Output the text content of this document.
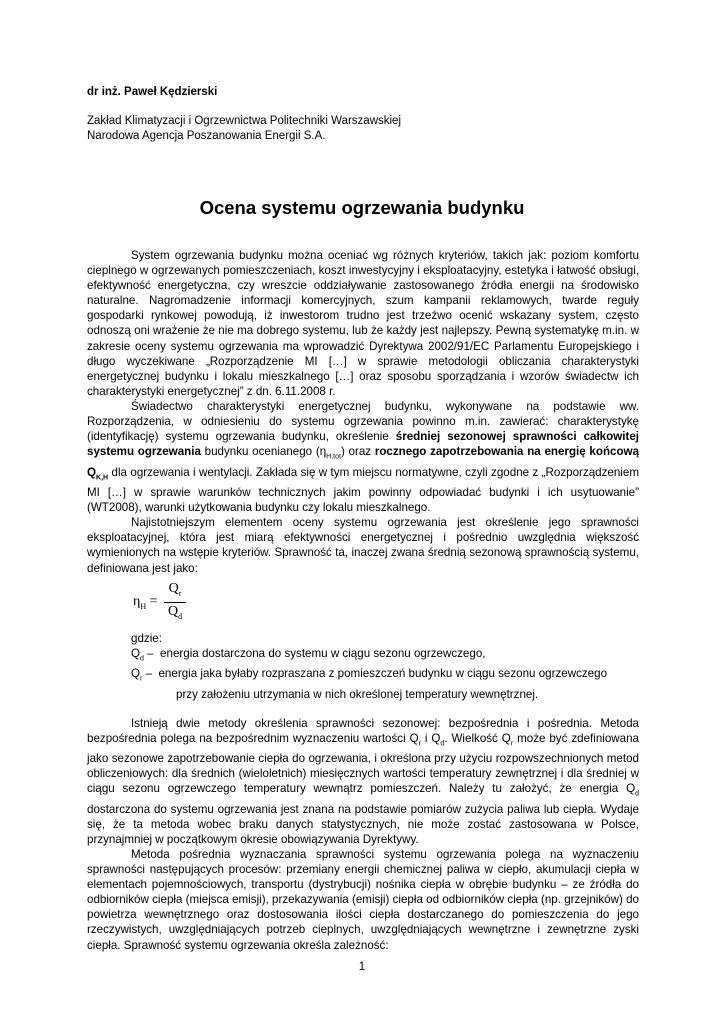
dr inż. Paweł Kędzierski
Zakład Klimatyzacji i Ogrzewnictwa Politechniki Warszawskiej
Narodowa Agencja Poszanowania Energii S.A.
Ocena systemu ogrzewania budynku

System ogrzewania budynku można oceniać wg różnych kryteriów, takich jak: poziom komfortu cieplnego w ogrzewanych pomieszczeniach, koszt inwestycyjny i eksploatacyjny, estetyka i łatwość obsługi, efektywność energetyczna, czy wreszcie oddziaływanie zastosowanego źródła energii na środowisko naturalne. Nagromadzenie informacji komercyjnych, szum kampanii reklamowych, twarde reguły gospodarki rynkowej powodują, iż inwestorom trudno jest trzeźwo ocenić wskazany system, często odnoszą oni wrażenie że nie ma dobrego systemu, lub że każdy jest najlepszy. Pewną systematykę m.in. w zakresie oceny systemu ogrzewania ma wprowadzić Dyrektywa 2002/91/EC Parlamentu Europejskiego i długo wyczekiwane „Rozporządzenie MI […] w sprawie metodologii obliczania charakterystyki energetycznej budynku i lokalu mieszkalnego […] oraz sposobu sporządzania i wzorów świadectw ich charakterystyki energetycznej” z dn. 6.11.2008 r.

Świadectwo charakterystyki energetycznej budynku, wykonywane na podstawie ww. Rozporządzenia, w odniesieniu do systemu ogrzewania powinno m.in. zawierać: charakterystykę (identyfikację) systemu ogrzewania budynku, określenie średniej sezonowej sprawności całkowitej systemu ogrzewania budynku ocenianego $(\eta_{H,tot})$ oraz rocznego zapotrzebowania na energię końcową $Q_{K,H}$ dla ogrzewania i wentylacji. Zakłada się w tym miejscu normatywne, czyli zgodne z „Rozporządzeniem MI […] w sprawie warunków technicznych jakim powinny odpowiadać budynki i ich usytuowanie” (WT2008), warunki użytkowania budynku czy lokalu mieszkalnego.

Najistotniejszym elementem oceny systemu ogrzewania jest określenie jego sprawności eksploatacyjnej, która jest miarą efektywności energetycznej i pośrednio uwzględnia większość wymienionych na wstępie kryteriów. Sprawność ta, inaczej zwana średnią sezonową sprawnością systemu, definiowana jest jako:

$\eta_H$ =
$Q_r$
$Q_d$
gdzie:
$Q_d$ –  energia dostarczona do systemu w ciągu sezonu ogrzewczego,
$Q_r$ –  energia jaka byłaby rozpraszana z pomieszczeń budynku w ciągu sezonu ogrzewczego
przy założeniu utrzymania w nich określonej temperatury wewnętrznej.

Istnieją dwie metody określenia sprawności sezonowej: bezpośrednia i pośrednia. Metoda bezpośrednia polega na bezpośrednim wyznaczeniu wartości $Q_r$ i $Q_d$. Wielkość $Q_r$ może być zdefiniowana jako sezonowe zapotrzebowanie ciepła do ogrzewania, i określona przy użyciu rozpowszechnionych metod obliczeniowych: dla średnich (wieloletnich) miesięcznych wartości temperatury zewnętrznej i dla średniej w ciągu sezonu ogrzewczego temperatury wewnątrz pomieszczeń. Należy tu założyć, że energia $Q_d$ dostarczona do systemu ogrzewania jest znana na podstawie pomiarów zużycia paliwa lub ciepła. Wydaje się, że ta metoda wobec braku danych statystycznych, nie może zostać zastosowana w Polsce, przynajmniej w początkowym okresie obowiązywania Dyrektywy.

Metoda pośrednia wyznaczania sprawności systemu ogrzewania polega na wyznaczeniu sprawności następujących procesów: przemiany energii chemicznej paliwa w ciepło, akumulacji ciepła w elementach pojemnościowych, transportu (dystrybucji) nośnika ciepła w obrębie budynku – ze źródła do odbiorników ciepła (miejsca emisji), przekazywania (emisji) ciepła od odbiorników ciepła (np. grzejników) do powietrza wewnętrznego oraz dostosowania ilości ciepła dostarczanego do pomieszczenia do jego rzeczywistych, uwzględniających potrzeb cieplnych, uwzględniających wewnętrzne i zewnętrzne zyski ciepła. Sprawność systemu ogrzewania określa zależność:

1
